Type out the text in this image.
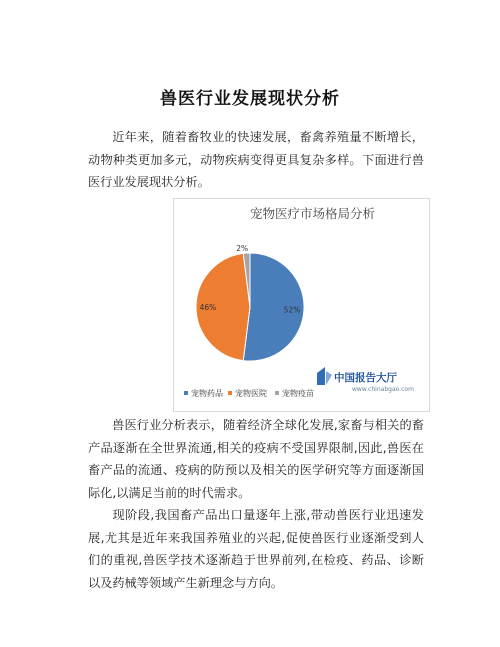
兽医行业发展现状分析

近年来，随着畜牧业的快速发展，畜禽养殖量不断增长，动物种类更加多元，动物疾病变得更具复杂多样。下面进行兽医行业发展现状分析。

宠物医疗市场格局分析
52%
46%
2%
宠物药品 宠物医院 宠物疫苗
中国报告大厅
www.chinabgao.com

兽医行业分析表示，随着经济全球化发展,家畜与相关的畜产品逐渐在全世界流通,相关的疫病不受国界限制,因此,兽医在畜产品的流通、疫病的防预以及相关的医学研究等方面逐渐国际化,以满足当前的时代需求。

现阶段,我国畜产品出口量逐年上涨,带动兽医行业迅速发展,尤其是近年来我国养殖业的兴起,促使兽医行业逐渐受到人们的重视,兽医学技术逐渐趋于世界前列,在检疫、药品、诊断以及药械等领域产生新理念与方向。
